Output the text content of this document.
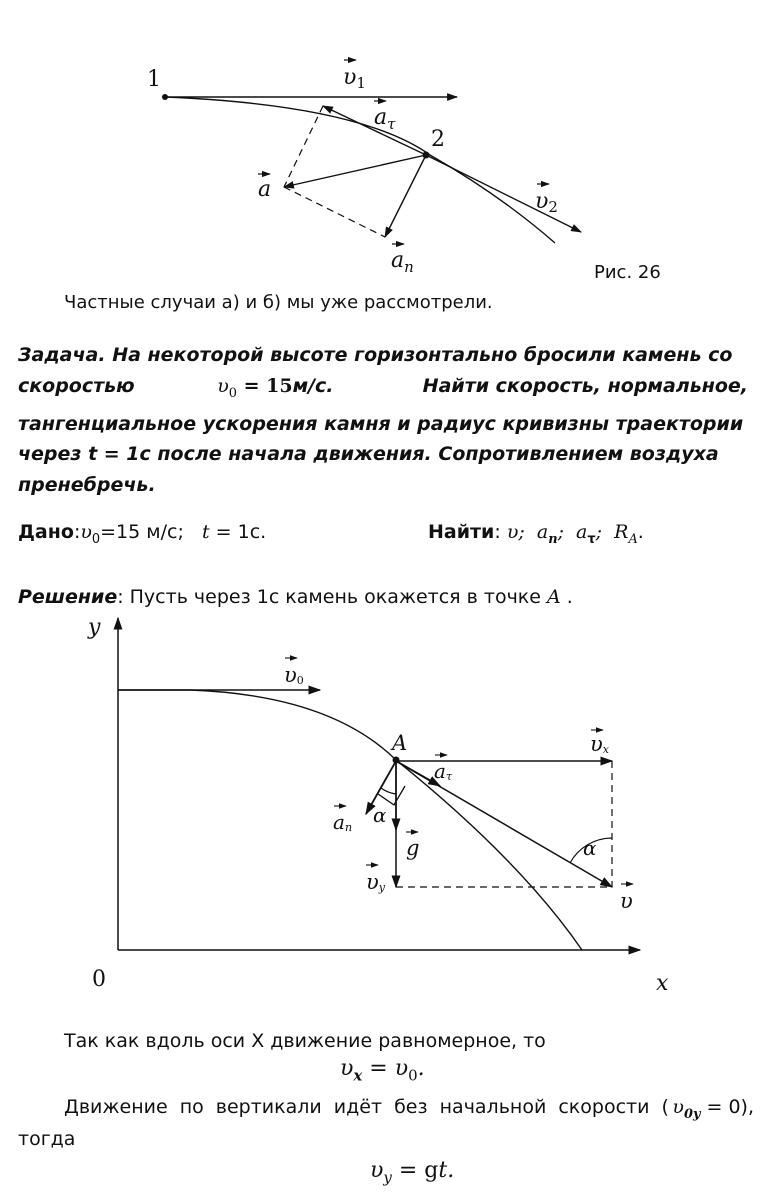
1
2
υ1
$a_\tau$
a
$a_n$
υ2
Рис. 26
Частные случаи а) и б) мы уже рассмотрели.
Задача. На некоторой высоте горизонтально бросили камень со
скоростью	$\upsilon_0 = 15м/с$.	Найти скорость, нормальное,
тангенциальное ускорения камня и радиус кривизны траектории
через t = 1с после начала движения. Сопротивлением воздуха
пренебречь.
$Дано:\upsilon_0=15$ м/с; t = 1с.	Найти: υ;  $a_n$;  $a_\tau$;  $R_A$.
Решение: Пусть через 1с камень окажется в точке A .
y
x
0
υ0
A	υx
υ
α
υy
g
aτ
an
α
Так как вдоль оси X движение равномерное, то
$\upsilon_x = \upsilon_0$.
Движение по вертикали идёт без начальной скорости ( $\upsilon_{0y} = 0$),
тогда
$\upsilon_y$ = gt.
